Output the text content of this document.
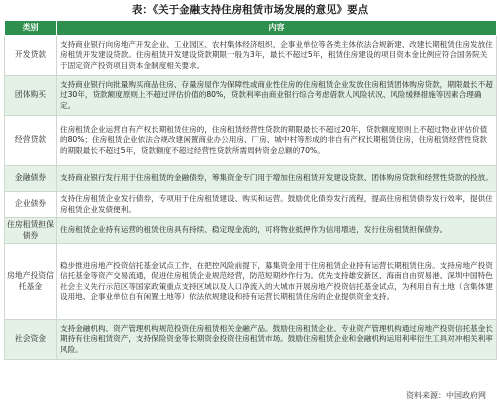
表：《关于金融支持住房租赁市场发展的意见》要点
类别	内容
开发贷款	支持商业银行向房地产开发企业、工业园区、农村集体经济组织、企事业单位等各类主体依法合规新建、改建长期租赁住房发放住房租赁开发建设贷款。住房租赁开发建设贷款期限一般为3年，最长不超过5年，租赁住房建设的项目资本金比例应符合国务院关于固定资产投资项目资本金制度相关要求。
团体购买	支持商业银行向批量购买商品住房、存量房屋作为保障性或商业性住房的住房租赁企业发放住房租赁团体购房贷款，期限最长不超过30年，贷款额度原则上不超过评估价值的80%，贷款利率由商业银行综合考虑借款人风险状况、风险缓释措施等因素合理确定。
经营贷款	住房租赁企业运营自有产权长期租赁住房的，住房租赁经营性贷款的期限最长不超过20年，贷款额度原则上不超过物业评估价值的80%；住房租赁企业依法合规改建闲置商业办公用房、厂房、城中村等形成的非自有产权长期租赁住房，住房租赁经营性贷款的期限最长不超过5年，贷款额度不超过经营性贷款所需周转资金总额的70%。
金融债券	支持商业银行发行用于住房租赁的金融债券，筹集资金专门用于增加住房租赁开发建设贷款、团体购房贷款和经营性贷款的投放。
企业债券	支持住房租赁企业发行债券，专项用于住房租赁建设、购买和运营。鼓励优化债券发行流程，提高住房租赁债券发行效率，提供住房租赁企业发债便利。
住房租赁担保债券	住房租赁企业持有运营的租赁住房具有持续、稳定现金流的，可将物业抵押作为信用增进，发行住房租赁担保债券。
房地产投资信托基金	稳步推进房地产投资信托基金试点工作，在把控风险前提下，募集资金用于住房租赁企业持有运营长期租赁住房。支持房地产投资信托基金等资产交易流通，促进住房租赁企业规范经营，防范短期炒作行为。优先支持雄安新区、海南自由贸易港、深圳中国特色社会主义先行示范区等国家政策重点支持区域以及人口净流入的大城市开展房地产投资信托基金试点，为利用自有土地（含集体建设用地、企事业单位自有闲置土地等）依法依规建设和持有运营长期租赁住房的企业提供资金支持。
社会资金	支持金融机构、资产管理机构规范投资住房租赁相关金融产品。鼓励住房租赁企业、专业资产管理机构通过房地产投资信托基金长期持有住房租赁资产，支持保险资金等长期资金投资住房租赁市场。鼓励住房租赁企业和金融机构运用利率衍生工具对冲相关利率风险。
资料来源：中国政府网
